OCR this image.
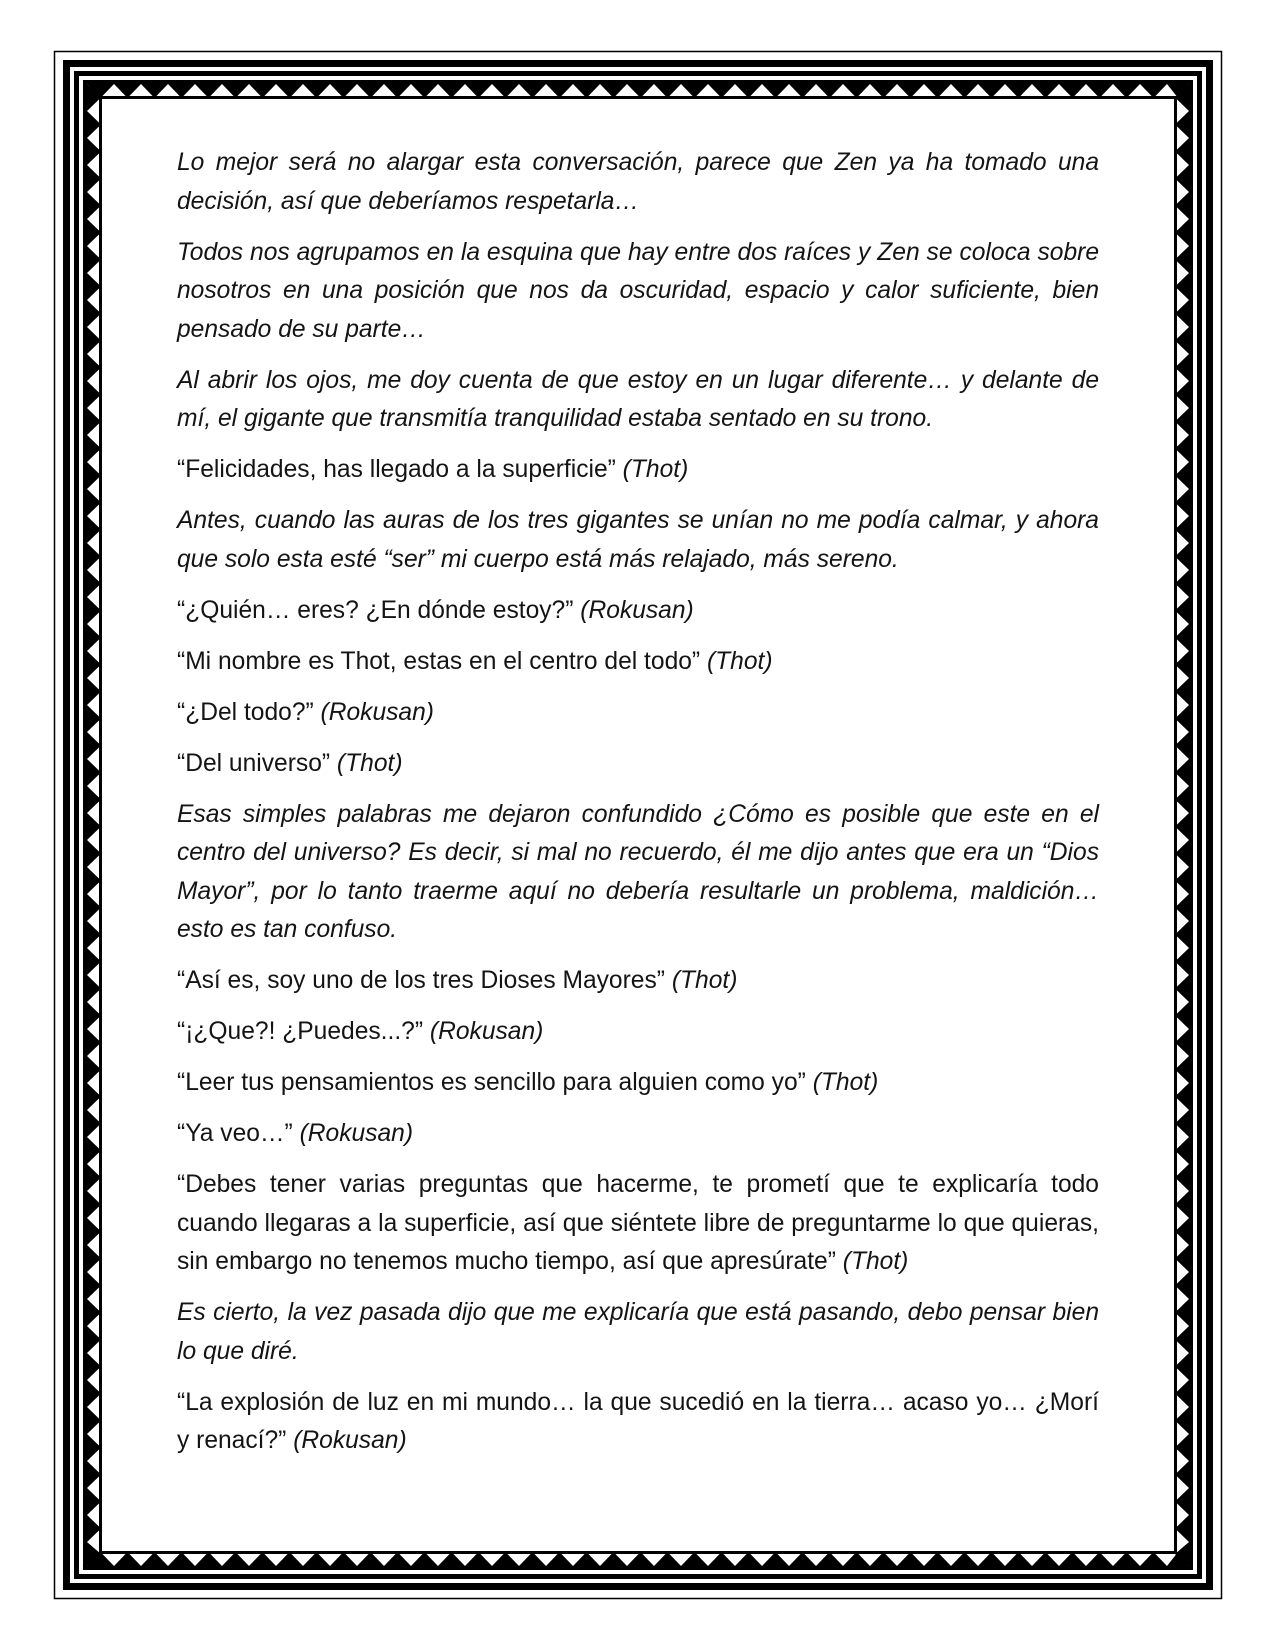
Lo mejor será no alargar esta conversación, parece que Zen ya ha tomado una decisión, así que deberíamos respetarla…

Todos nos agrupamos en la esquina que hay entre dos raíces y Zen se coloca sobre nosotros en una posición que nos da oscuridad, espacio y calor suficiente, bien pensado de su parte…

Al abrir los ojos, me doy cuenta de que estoy en un lugar diferente… y delante de mí, el gigante que transmitía tranquilidad estaba sentado en su trono.

“Felicidades, has llegado a la superficie” (Thot)

Antes, cuando las auras de los tres gigantes se unían no me podía calmar, y ahora que solo esta esté “ser” mi cuerpo está más relajado, más sereno.

“¿Quién… eres? ¿En dónde estoy?” (Rokusan)

“Mi nombre es Thot, estas en el centro del todo” (Thot)

“¿Del todo?” (Rokusan)

“Del universo” (Thot)

Esas simples palabras me dejaron confundido ¿Cómo es posible que este en el centro del universo? Es decir, si mal no recuerdo, él me dijo antes que era un “Dios Mayor”, por lo tanto traerme aquí no debería resultarle un problema, maldición… esto es tan confuso.

“Así es, soy uno de los tres Dioses Mayores” (Thot)

“¡¿Que?! ¿Puedes...?” (Rokusan)

“Leer tus pensamientos es sencillo para alguien como yo” (Thot)

“Ya veo…” (Rokusan)

“Debes tener varias preguntas que hacerme, te prometí que te explicaría todo cuando llegaras a la superficie, así que siéntete libre de preguntarme lo que quieras, sin embargo no tenemos mucho tiempo, así que apresúrate” (Thot)

Es cierto, la vez pasada dijo que me explicaría que está pasando, debo pensar bien lo que diré.

“La explosión de luz en mi mundo… la que sucedió en la tierra… acaso yo… ¿Morí y renací?” (Rokusan)
